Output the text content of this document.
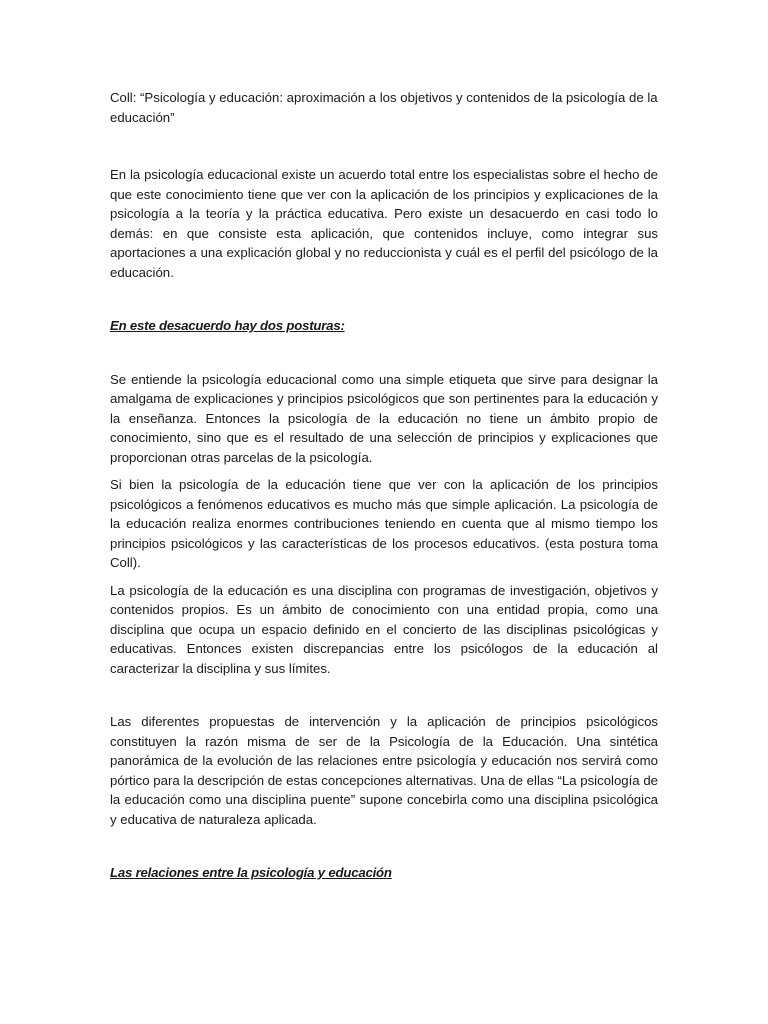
Coll: “Psicología y educación: aproximación a los objetivos y contenidos de la psicología de la educación”

En la psicología educacional existe un acuerdo total entre los especialistas sobre el hecho de que este conocimiento tiene que ver con la aplicación de los principios y explicaciones de la psicología a la teoría y la práctica educativa. Pero existe un desacuerdo en casi todo lo demás: en que consiste esta aplicación, que contenidos incluye, como integrar sus aportaciones a una explicación global y no reduccionista y cuál es el perfil del psicólogo de la educación.

En este desacuerdo hay dos posturas:

Se entiende la psicología educacional como una simple etiqueta que sirve para designar la amalgama de explicaciones y principios psicológicos que son pertinentes para la educación y la enseñanza. Entonces la psicología de la educación no tiene un ámbito propio de conocimiento, sino que es el resultado de una selección de principios y explicaciones que proporcionan otras parcelas de la psicología.

Si bien la psicología de la educación tiene que ver con la aplicación de los principios psicológicos a fenómenos educativos es mucho más que simple aplicación. La psicología de la educación realiza enormes contribuciones teniendo en cuenta que al mismo tiempo los principios psicológicos y las características de los procesos educativos. (esta postura toma Coll).

La psicología de la educación es una disciplina con programas de investigación, objetivos y contenidos propios. Es un ámbito de conocimiento con una entidad propia, como una disciplina que ocupa un espacio definido en el concierto de las disciplinas psicológicas y educativas. Entonces existen discrepancias entre los psicólogos de la educación al caracterizar la disciplina y sus límites.

Las diferentes propuestas de intervención y la aplicación de principios psicológicos constituyen la razón misma de ser de la Psicología de la Educación. Una sintética panorámica de la evolución de las relaciones entre psicología y educación nos servirá como pórtico para la descripción de estas concepciones alternativas. Una de ellas “La psicología de la educación como una disciplina puente” supone concebirla como una disciplina psicológica y educativa de naturaleza aplicada.

Las relaciones entre la psicología y educación
